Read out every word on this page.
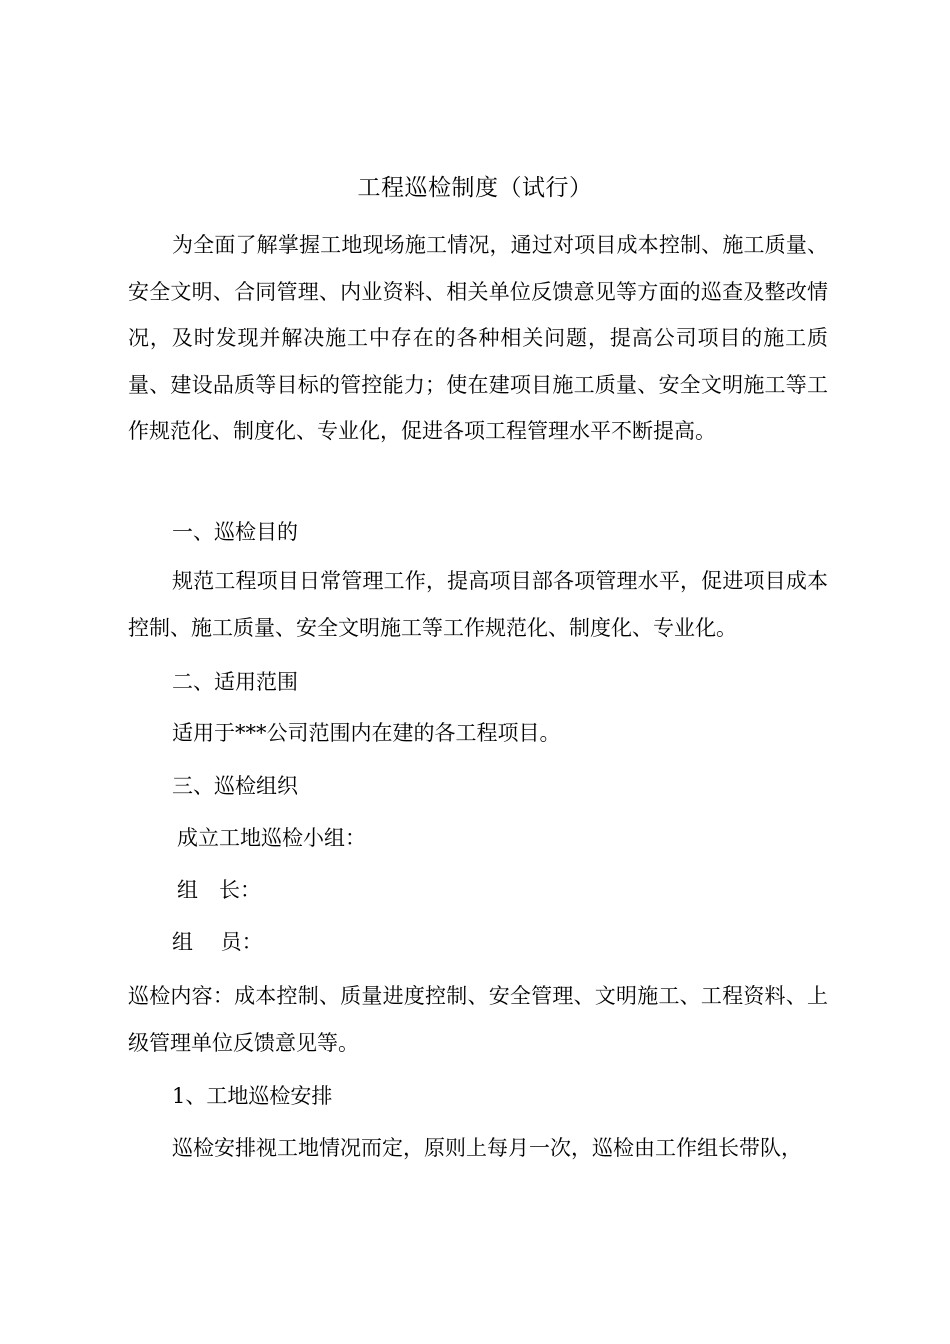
工程巡检制度（试行）
为全面了解掌握工地现场施工情况，通过对项目成本控制、施工质量、安全文明、合同管理、内业资料、相关单位反馈意见等方面的巡查及整改情况，及时发现并解决施工中存在的各种相关问题，提高公司项目的施工质量、建设品质等目标的管控能力；使在建项目施工质量、安全文明施工等工作规范化、制度化、专业化，促进各项工程管理水平不断提高。
一、巡检目的
规范工程项目日常管理工作，提高项目部各项管理水平，促进项目成本控制、施工质量、安全文明施工等工作规范化、制度化、专业化。
二、适用范围
适用于***公司范围内在建的各工程项目。
三、巡检组织
成立工地巡检小组：
组　长：
组　 员：
巡检内容：成本控制、质量进度控制、安全管理、文明施工、工程资料、上级管理单位反馈意见等。
1、工地巡检安排
巡检安排视工地情况而定，原则上每月一次，巡检由工作组长带队，
